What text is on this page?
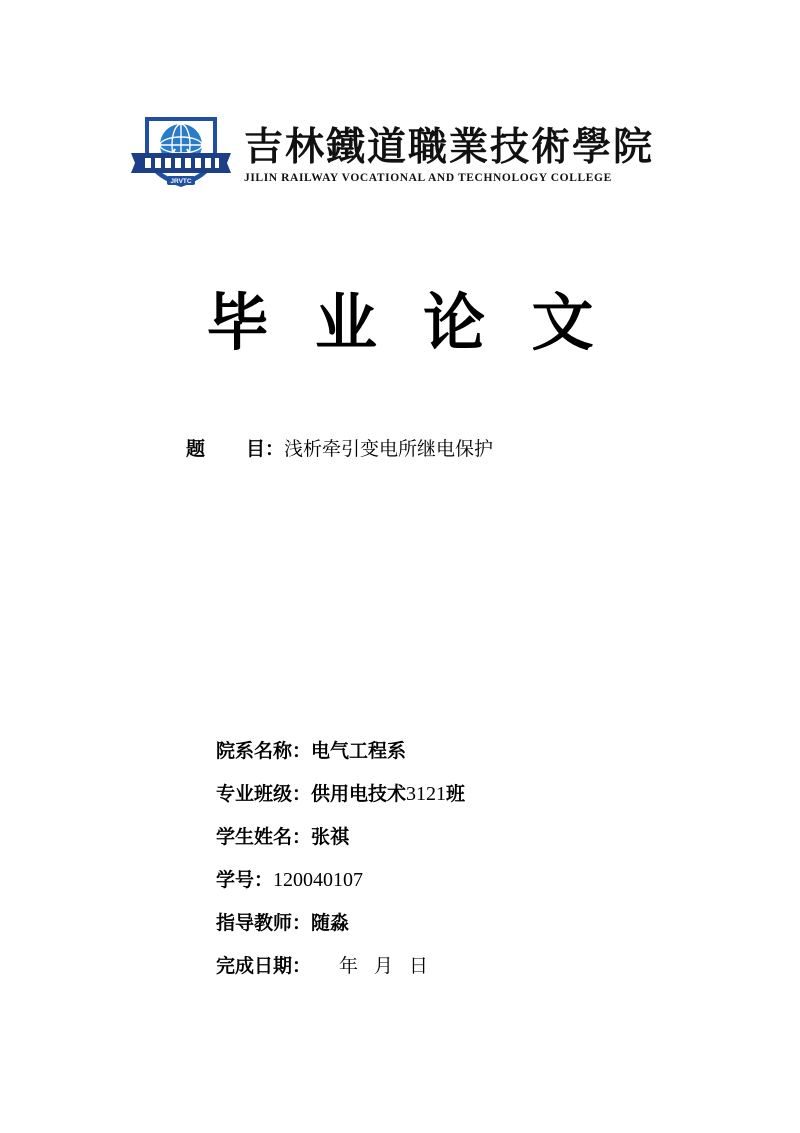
JRVTC
吉林鐵道職業技術學院
JILIN RAILWAY VOCATIONAL AND TECHNOLOGY COLLEGE
毕 业 论 文
题	目： 浅析牵引变电所继电保护
院系名称： 电气工程系
专业班级： 供用电技术 3121 班
学生姓名： 张祺
学号： 120040107
指导教师： 随淼
完成日期： 年 月 日
